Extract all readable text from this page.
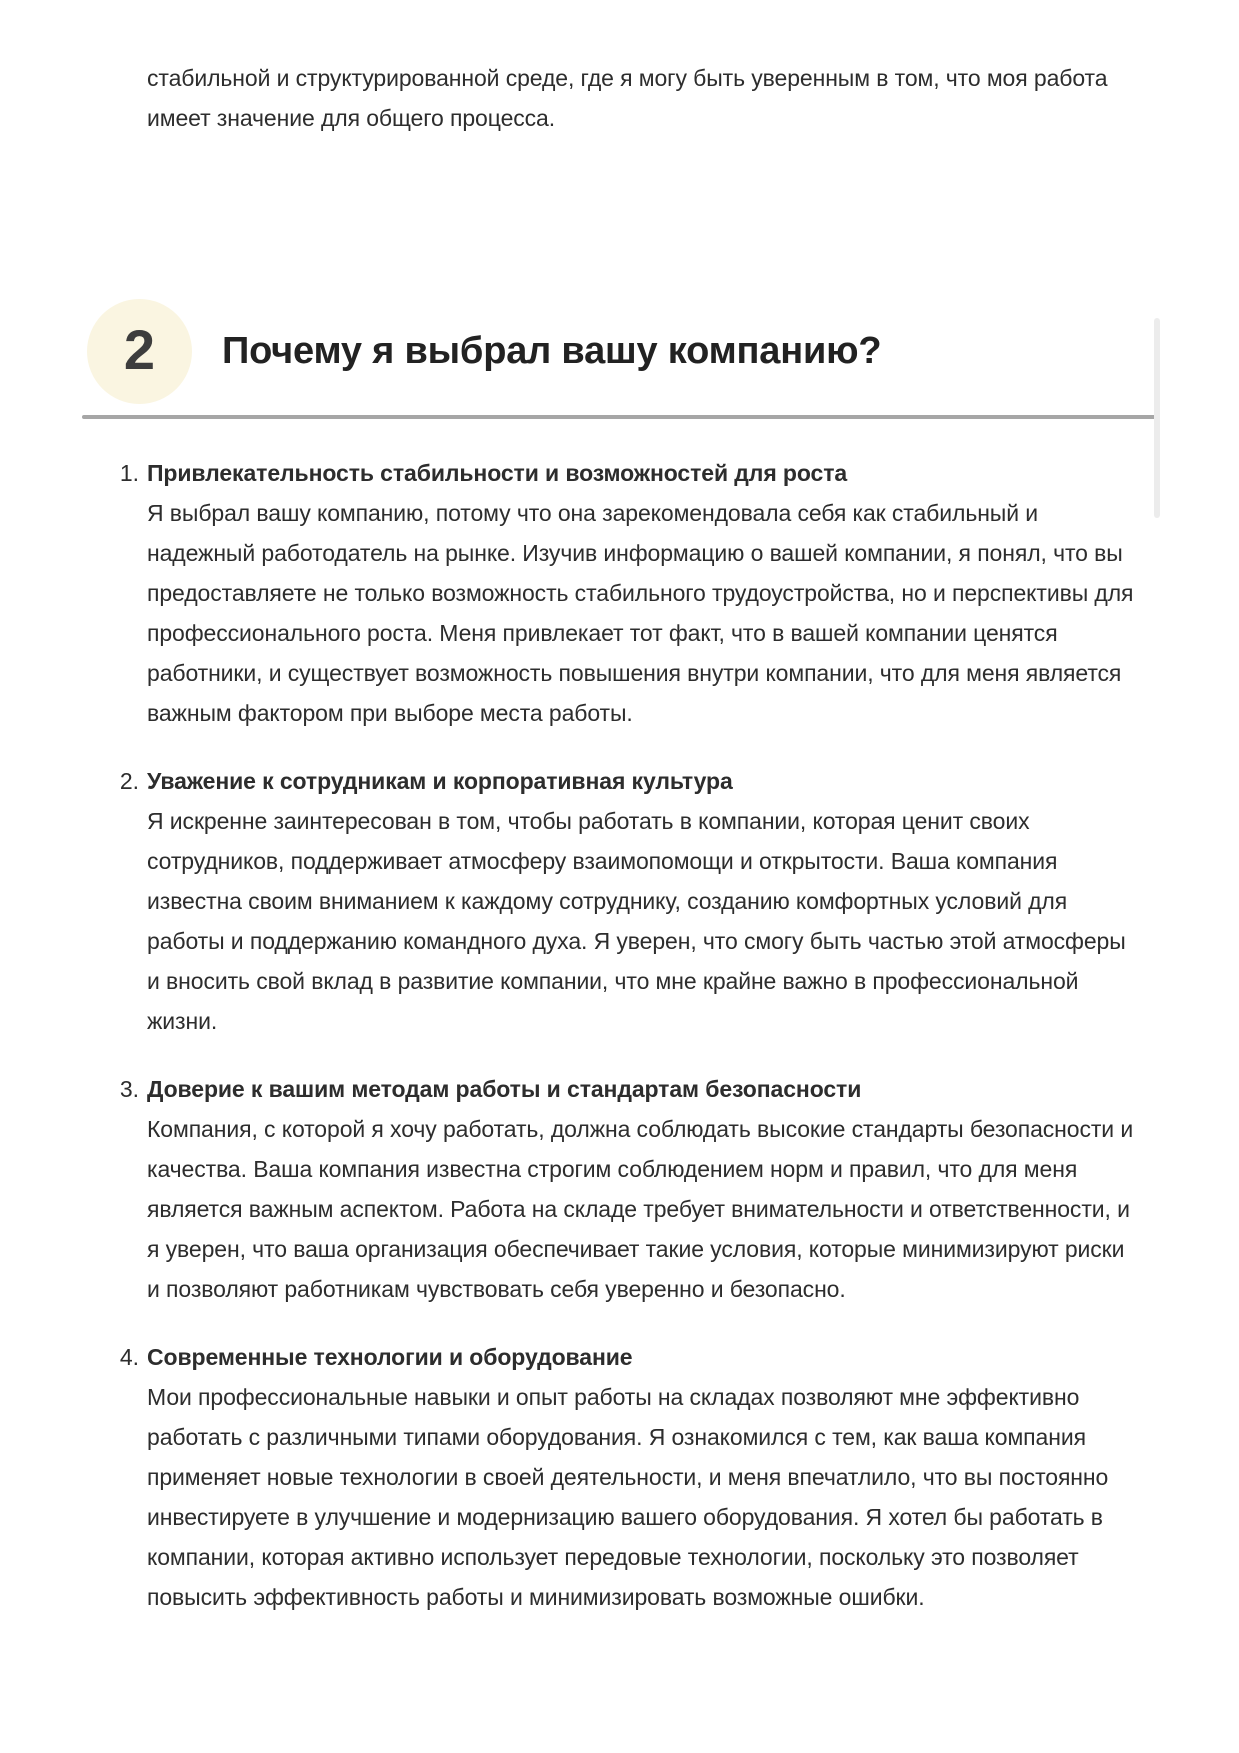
стабильной и структурированной среде, где я могу быть уверенным в том, что моя работа имеет значение для общего процесса.
2 Почему я выбрал вашу компанию?
1. Привлекательность стабильности и возможностей для роста
Я выбрал вашу компанию, потому что она зарекомендовала себя как стабильный и надежный работодатель на рынке. Изучив информацию о вашей компании, я понял, что вы предоставляете не только возможность стабильного трудоустройства, но и перспективы для профессионального роста. Меня привлекает тот факт, что в вашей компании ценятся работники, и существует возможность повышения внутри компании, что для меня является важным фактором при выборе места работы.
2. Уважение к сотрудникам и корпоративная культура
Я искренне заинтересован в том, чтобы работать в компании, которая ценит своих сотрудников, поддерживает атмосферу взаимопомощи и открытости. Ваша компания известна своим вниманием к каждому сотруднику, созданию комфортных условий для работы и поддержанию командного духа. Я уверен, что смогу быть частью этой атмосферы и вносить свой вклад в развитие компании, что мне крайне важно в профессиональной жизни.
3. Доверие к вашим методам работы и стандартам безопасности
Компания, с которой я хочу работать, должна соблюдать высокие стандарты безопасности и качества. Ваша компания известна строгим соблюдением норм и правил, что для меня является важным аспектом. Работа на складе требует внимательности и ответственности, и я уверен, что ваша организация обеспечивает такие условия, которые минимизируют риски и позволяют работникам чувствовать себя уверенно и безопасно.
4. Современные технологии и оборудование
Мои профессиональные навыки и опыт работы на складах позволяют мне эффективно работать с различными типами оборудования. Я ознакомился с тем, как ваша компания применяет новые технологии в своей деятельности, и меня впечатлило, что вы постоянно инвестируете в улучшение и модернизацию вашего оборудования. Я хотел бы работать в компании, которая активно использует передовые технологии, поскольку это позволяет повысить эффективность работы и минимизировать возможные ошибки.
